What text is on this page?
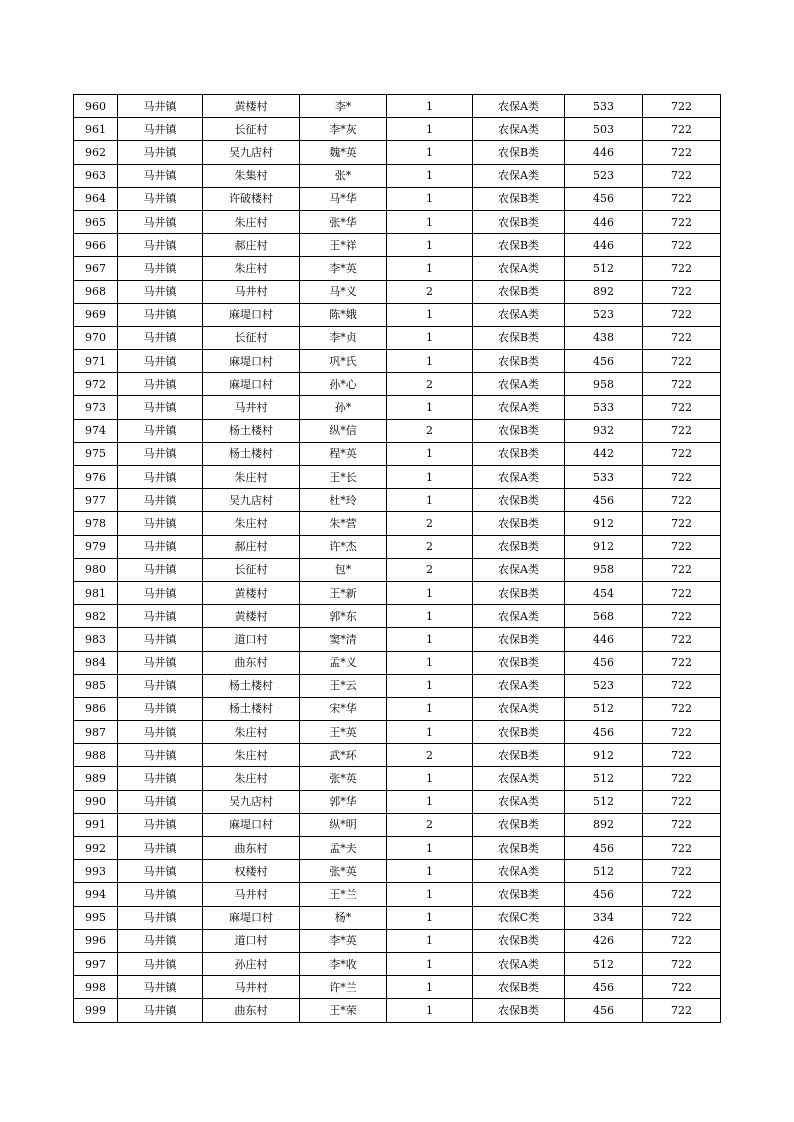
960	马井镇	黄楼村	李*	1	农保A类	533	722
961	马井镇	长征村	李*灰	1	农保A类	503	722
962	马井镇	吴九店村	魏*英	1	农保B类	446	722
963	马井镇	朱集村	张*	1	农保A类	523	722
964	马井镇	许破楼村	马*华	1	农保B类	456	722
965	马井镇	朱庄村	张*华	1	农保B类	446	722
966	马井镇	郝庄村	王*祥	1	农保B类	446	722
967	马井镇	朱庄村	李*英	1	农保A类	512	722
968	马井镇	马井村	马*义	2	农保B类	892	722
969	马井镇	麻堤口村	陈*娥	1	农保A类	523	722
970	马井镇	长征村	李*贞	1	农保B类	438	722
971	马井镇	麻堤口村	巩*氏	1	农保B类	456	722
972	马井镇	麻堤口村	孙*心	2	农保A类	958	722
973	马井镇	马井村	孙*	1	农保A类	533	722
974	马井镇	杨土楼村	纵*信	2	农保B类	932	722
975	马井镇	杨土楼村	程*英	1	农保B类	442	722
976	马井镇	朱庄村	王*长	1	农保A类	533	722
977	马井镇	吴九店村	杜*玲	1	农保B类	456	722
978	马井镇	朱庄村	朱*营	2	农保B类	912	722
979	马井镇	郝庄村	许*杰	2	农保B类	912	722
980	马井镇	长征村	包*	2	农保A类	958	722
981	马井镇	黄楼村	王*新	1	农保B类	454	722
982	马井镇	黄楼村	郭*东	1	农保A类	568	722
983	马井镇	道口村	窦*清	1	农保B类	446	722
984	马井镇	曲东村	孟*义	1	农保B类	456	722
985	马井镇	杨土楼村	王*云	1	农保A类	523	722
986	马井镇	杨土楼村	宋*华	1	农保A类	512	722
987	马井镇	朱庄村	王*英	1	农保B类	456	722
988	马井镇	朱庄村	武*环	2	农保B类	912	722
989	马井镇	朱庄村	张*英	1	农保A类	512	722
990	马井镇	吴九店村	郭*华	1	农保A类	512	722
991	马井镇	麻堤口村	纵*明	2	农保B类	892	722
992	马井镇	曲东村	孟*夫	1	农保B类	456	722
993	马井镇	权楼村	张*英	1	农保A类	512	722
994	马井镇	马井村	王*兰	1	农保B类	456	722
995	马井镇	麻堤口村	杨*	1	农保C类	334	722
996	马井镇	道口村	李*英	1	农保B类	426	722
997	马井镇	孙庄村	李*收	1	农保A类	512	722
998	马井镇	马井村	许*兰	1	农保B类	456	722
999	马井镇	曲东村	王*荣	1	农保B类	456	722
